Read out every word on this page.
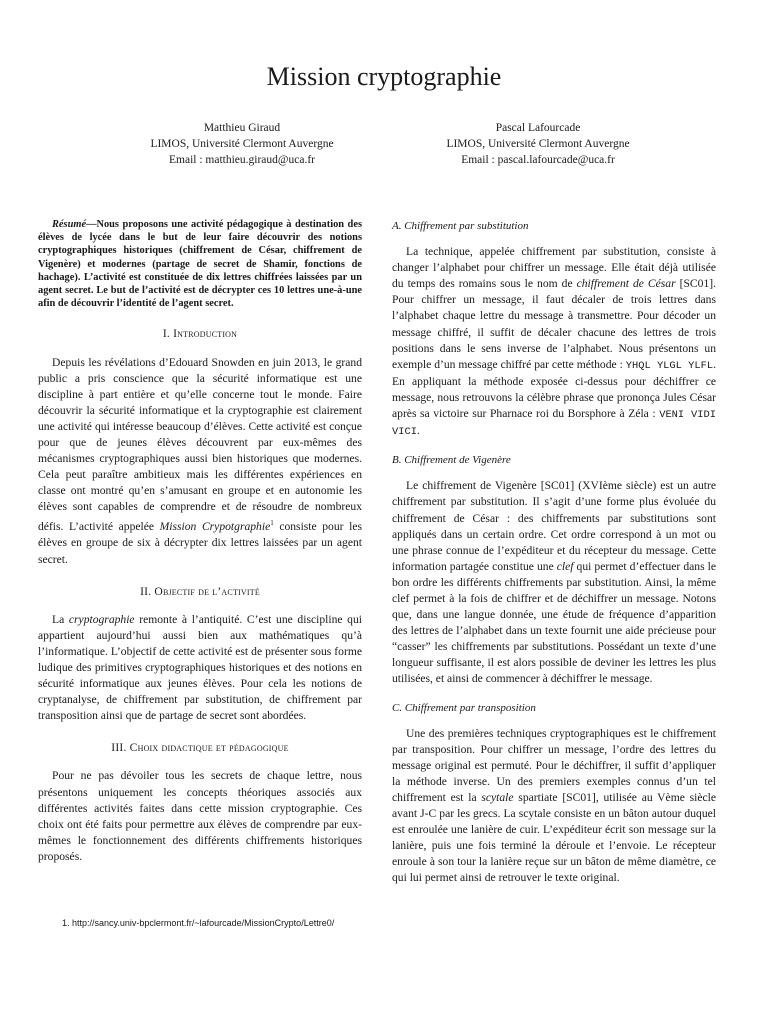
Mission cryptographie
Matthieu Giraud
LIMOS, Université Clermont Auvergne
Email : matthieu.giraud@uca.fr
Pascal Lafourcade
LIMOS, Université Clermont Auvergne
Email : pascal.lafourcade@uca.fr

Résumé—Nous proposons une activité pédagogique à destination des élèves de lycée dans le but de leur faire découvrir des notions cryptographiques historiques (chiffrement de César, chiffrement de Vigenère) et modernes (partage de secret de Shamir, fonctions de hachage). L’activité est constituée de dix lettres chiffrées laissées par un agent secret. Le but de l’activité est de décrypter ces 10 lettres une-à-une afin de découvrir l’identité de l’agent secret.

I. Introduction

Depuis les révélations d’Edouard Snowden en juin 2013, le grand public a pris conscience que la sécurité informatique est une discipline à part entière et qu’elle concerne tout le monde. Faire découvrir la sécurité informatique et la cryptographie est clairement une activité qui intéresse beaucoup d’élèves. Cette activité est conçue pour que de jeunes élèves découvrent par eux-mêmes des mécanismes cryptographiques aussi bien historiques que modernes. Cela peut paraître ambitieux mais les différentes expériences en classe ont montré qu’en s’amusant en groupe et en autonomie les élèves sont capables de comprendre et de résoudre de nombreux défis. L’activité appelée Mission Crypotgraphie$^1$ consiste pour les élèves en groupe de six à décrypter dix lettres laissées par un agent secret.

II. Objectif de l’activité

La cryptographie remonte à l’antiquité. C’est une discipline qui appartient aujourd’hui aussi bien aux mathématiques qu’à l’informatique. L’objectif de cette activité est de présenter sous forme ludique des primitives cryptographiques historiques et des notions en sécurité informatique aux jeunes élèves. Pour cela les notions de cryptanalyse, de chiffrement par substitution, de chiffrement par transposition ainsi que de partage de secret sont abordées.

III. Choix didactique et pédagogique

Pour ne pas dévoiler tous les secrets de chaque lettre, nous présentons uniquement les concepts théoriques associés aux différentes activités faites dans cette mission cryptographie. Ces choix ont été faits pour permettre aux élèves de comprendre par eux-mêmes le fonctionnement des différents chiffrements historiques proposés.

1. http://sancy.univ-bpclermont.fr/~lafourcade/MissionCrypto/Lettre0/
A. Chiffrement par substitution

La technique, appelée chiffrement par substitution, consiste à changer l’alphabet pour chiffrer un message. Elle était déjà utilisée du temps des romains sous le nom de chiffrement de César [SC01]. Pour chiffrer un message, il faut décaler de trois lettres dans l’alphabet chaque lettre du message à transmettre. Pour décoder un message chiffré, il suffit de décaler chacune des lettres de trois positions dans le sens inverse de l’alphabet. Nous présentons un exemple d’un message chiffré par cette méthode : YHQL YLGL YLFL. En appliquant la méthode exposée ci-dessus pour déchiffrer ce message, nous retrouvons la célèbre phrase que prononça Jules César après sa victoire sur Pharnace roi du Borsphore à Zéla : VENI VIDI VICI.

B. Chiffrement de Vigenère

Le chiffrement de Vigenère [SC01] (XVIème siècle) est un autre chiffrement par substitution. Il s’agit d’une forme plus évoluée du chiffrement de César : des chiffrements par substitutions sont appliqués dans un certain ordre. Cet ordre correspond à un mot ou une phrase connue de l’expéditeur et du récepteur du message. Cette information partagée constitue une clef qui permet d’effectuer dans le bon ordre les différents chiffrements par substitution. Ainsi, la même clef permet à la fois de chiffrer et de déchiffrer un message. Notons que, dans une langue donnée, une étude de fréquence d’apparition des lettres de l’alphabet dans un texte fournit une aide précieuse pour “casser” les chiffrements par substitutions. Possédant un texte d’une longueur suffisante, il est alors possible de deviner les lettres les plus utilisées, et ainsi de commencer à déchiffrer le message.

C. Chiffrement par transposition

Une des premières techniques cryptographiques est le chiffrement par transposition. Pour chiffrer un message, l’ordre des lettres du message original est permuté. Pour le déchiffrer, il suffit d’appliquer la méthode inverse. Un des premiers exemples connus d’un tel chiffrement est la scytale spartiate [SC01], utilisée au Vème siècle avant J-C par les grecs. La scytale consiste en un bâton autour duquel est enroulée une lanière de cuir. L’expéditeur écrit son message sur la lanière, puis une fois terminé la déroule et l’envoie. Le récepteur enroule à son tour la lanière reçue sur un bâton de même diamètre, ce qui lui permet ainsi de retrouver le texte original.
